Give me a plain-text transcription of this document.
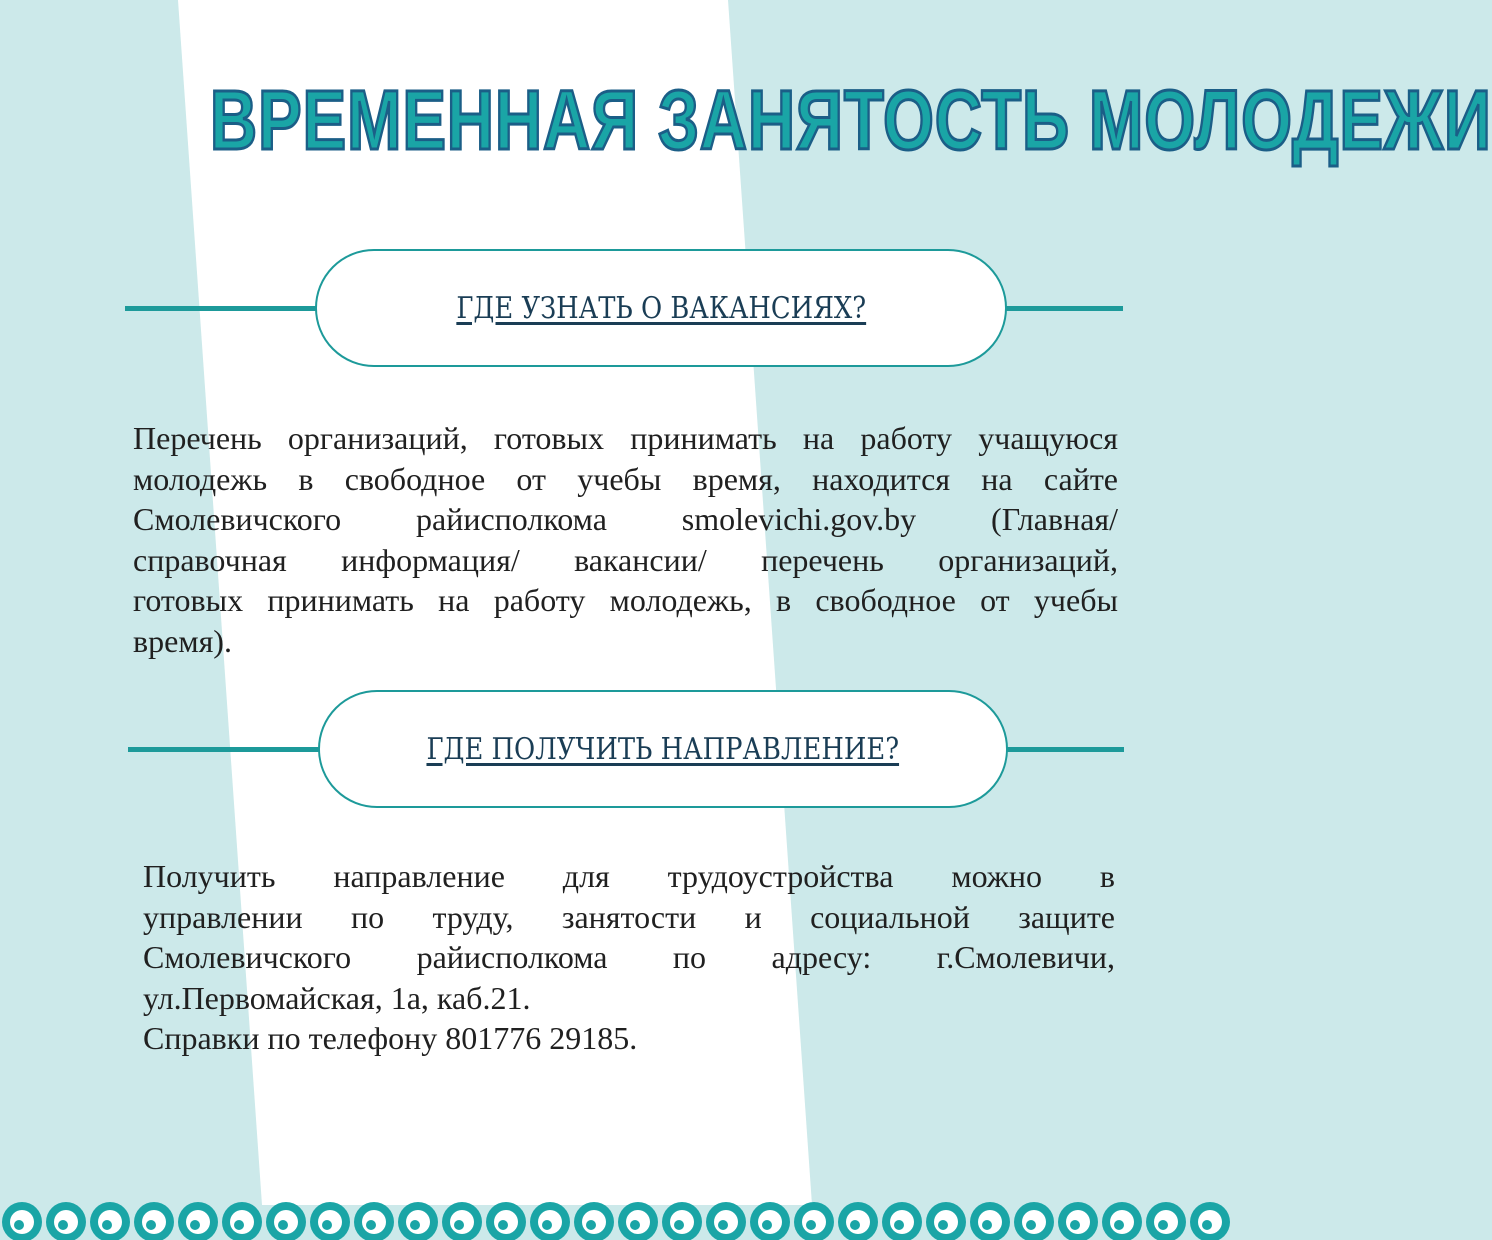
ВРЕМЕННАЯ ЗАНЯТОСТЬ МОЛОДЕЖИ
ГДЕ УЗНАТЬ О ВАКАНСИЯХ?

Перечень организаций, готовых принимать на работу учащуюся
молодежь в свободное от учебы время, находится на сайте
Смолевичского райисполкома smolevichi.gov.by (Главная/
справочная информация/ вакансии/ перечень организаций,
готовых принимать на работу молодежь, в свободное от учебы
время).

ГДЕ ПОЛУЧИТЬ НАПРАВЛЕНИЕ?

Получить направление для трудоустройства можно в
управлении по труду, занятости и социальной защите
Смолевичского райисполкома по адресу: г.Смолевичи,
ул.Первомайская, 1а, каб.21.
Справки по телефону 801776 29185.
